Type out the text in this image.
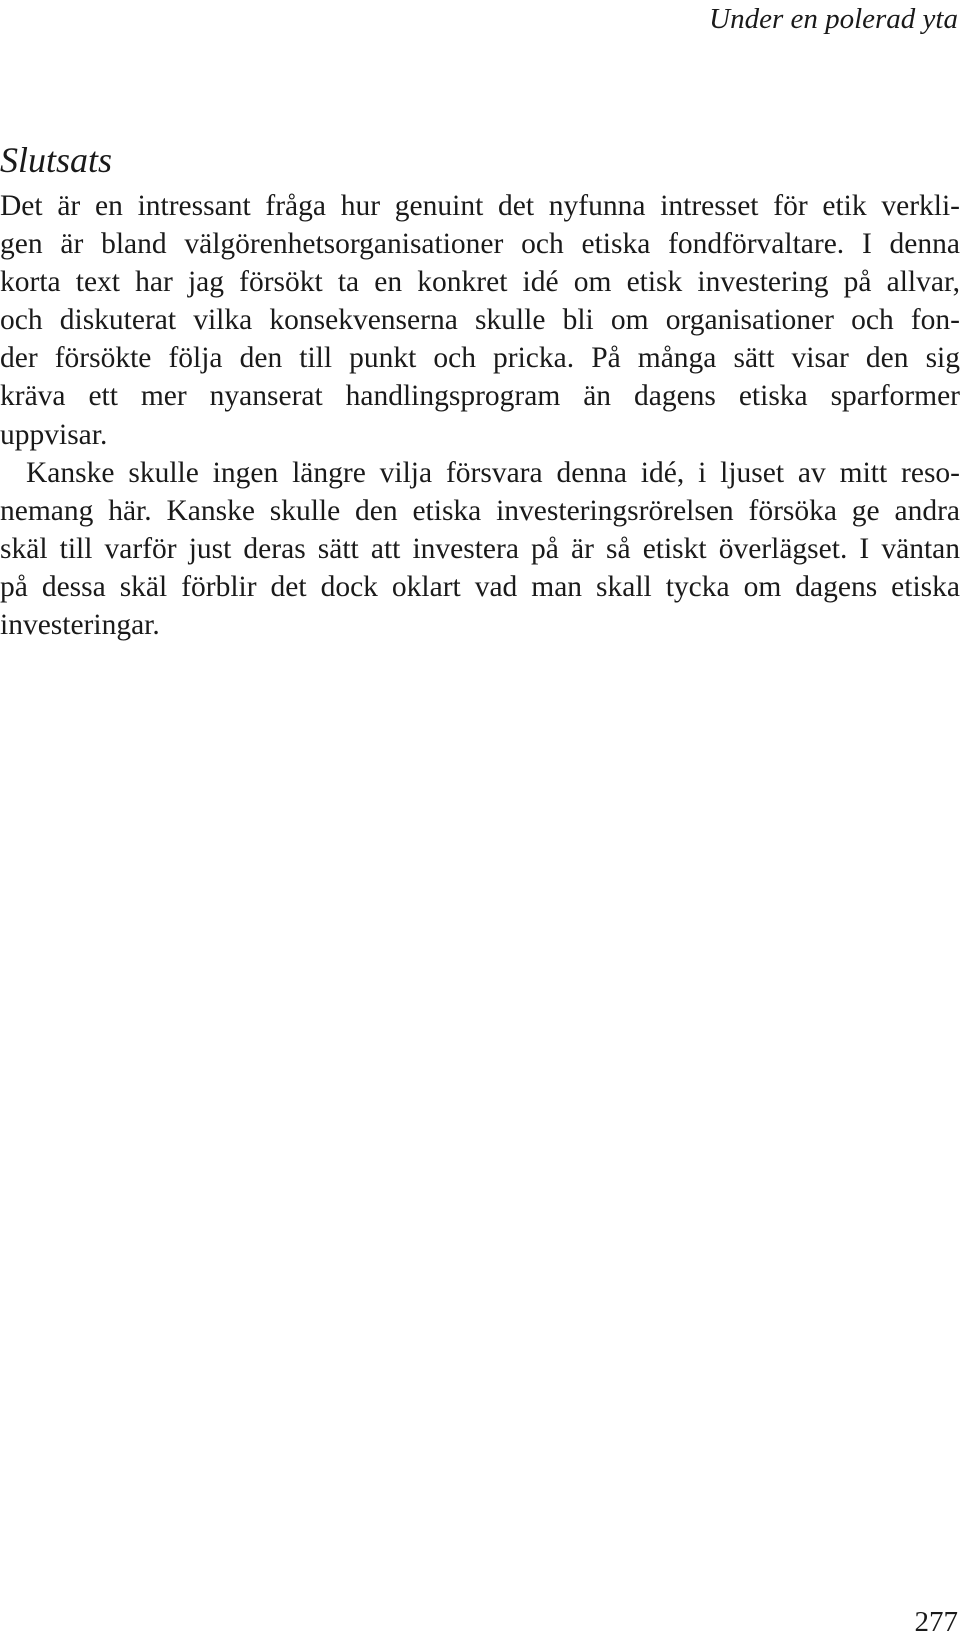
Under en polerad yta
Slutsats
Det är en intressant fråga hur genuint det nyfunna intresset för etik verkli-
gen är bland välgörenhetsorganisationer och etiska fondförvaltare. I denna
korta text har jag försökt ta en konkret idé om etisk investering på allvar,
och diskuterat vilka konsekvenserna skulle bli om organisationer och fon-
der försökte följa den till punkt och pricka. På många sätt visar den sig
kräva ett mer nyanserat handlingsprogram än dagens etiska sparformer
uppvisar.
Kanske skulle ingen längre vilja försvara denna idé, i ljuset av mitt reso-
nemang här. Kanske skulle den etiska investeringsrörelsen försöka ge andra
skäl till varför just deras sätt att investera på är så etiskt överlägset. I väntan
på dessa skäl förblir det dock oklart vad man skall tycka om dagens etiska
investeringar.
277
